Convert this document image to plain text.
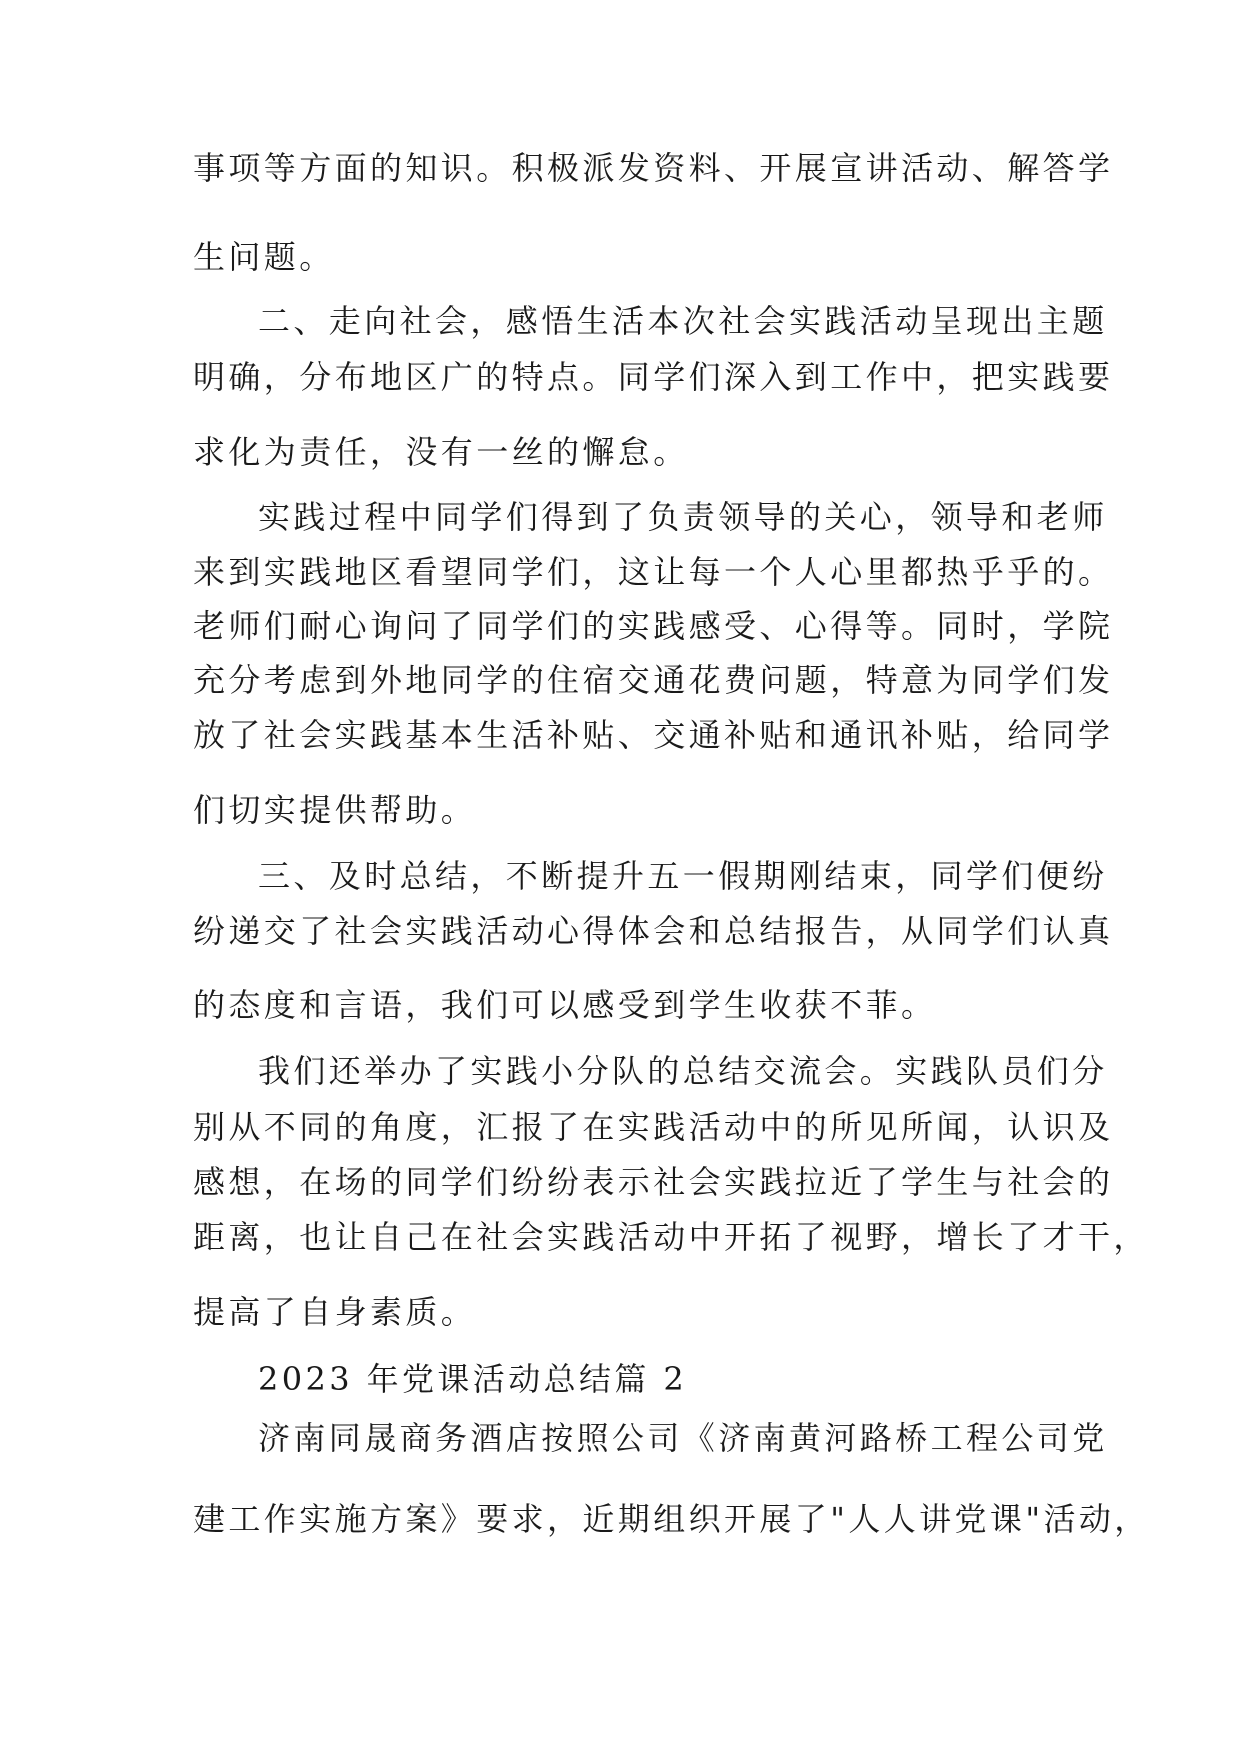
事项等方面的知识。积极派发资料、开展宣讲活动、解答学
生问题。
二、走向社会，感悟生活本次社会实践活动呈现出主题
明确，分布地区广的特点。同学们深入到工作中，把实践要
求化为责任，没有一丝的懈怠。
实践过程中同学们得到了负责领导的关心，领导和老师
来到实践地区看望同学们，这让每一个人心里都热乎乎的。
老师们耐心询问了同学们的实践感受、心得等。同时，学院
充分考虑到外地同学的住宿交通花费问题，特意为同学们发
放了社会实践基本生活补贴、交通补贴和通讯补贴，给同学
们切实提供帮助。
三、及时总结，不断提升五一假期刚结束，同学们便纷
纷递交了社会实践活动心得体会和总结报告，从同学们认真
的态度和言语，我们可以感受到学生收获不菲。
我们还举办了实践小分队的总结交流会。实践队员们分
别从不同的角度，汇报了在实践活动中的所见所闻，认识及
感想，在场的同学们纷纷表示社会实践拉近了学生与社会的
距离，也让自己在社会实践活动中开拓了视野，增长了才干，
提高了自身素质。
2023 年党课活动总结篇 2
济南同晟商务酒店按照公司《济南黄河路桥工程公司党
建工作实施方案》要求，近期组织开展了"人人讲党课"活动，
